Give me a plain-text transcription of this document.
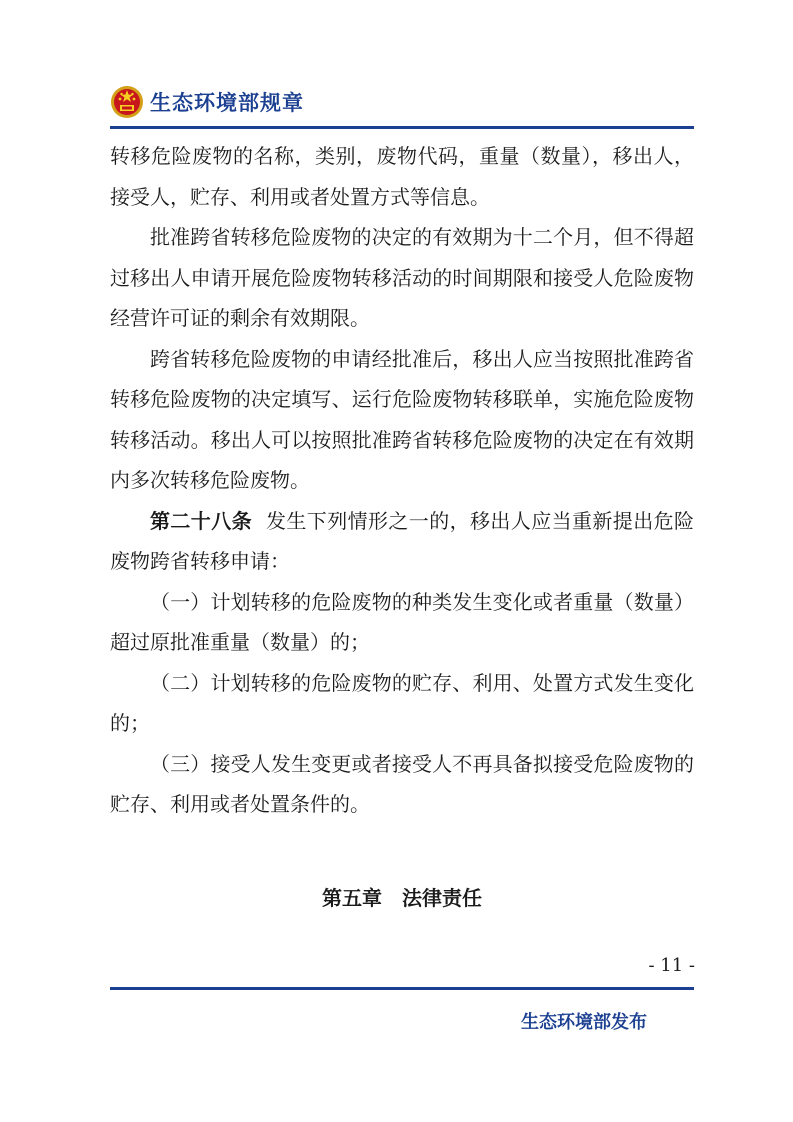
生态环境部规章

转移危险废物的名称，类别，废物代码，重量（数量），移出人，接受人，贮存、利用或者处置方式等信息。

批准跨省转移危险废物的决定的有效期为十二个月，但不得超过移出人申请开展危险废物转移活动的时间期限和接受人危险废物经营许可证的剩余有效期限。

跨省转移危险废物的申请经批准后，移出人应当按照批准跨省转移危险废物的决定填写、运行危险废物转移联单，实施危险废物转移活动。移出人可以按照批准跨省转移危险废物的决定在有效期内多次转移危险废物。

第二十八条 发生下列情形之一的，移出人应当重新提出危险废物跨省转移申请：

（一）计划转移的危险废物的种类发生变化或者重量（数量）超过原批准重量（数量）的；

（二）计划转移的危险废物的贮存、利用、处置方式发生变化的；

（三）接受人发生变更或者接受人不再具备拟接受危险废物的贮存、利用或者处置条件的。

第五章　法律责任
- 11 -
生态环境部发布
